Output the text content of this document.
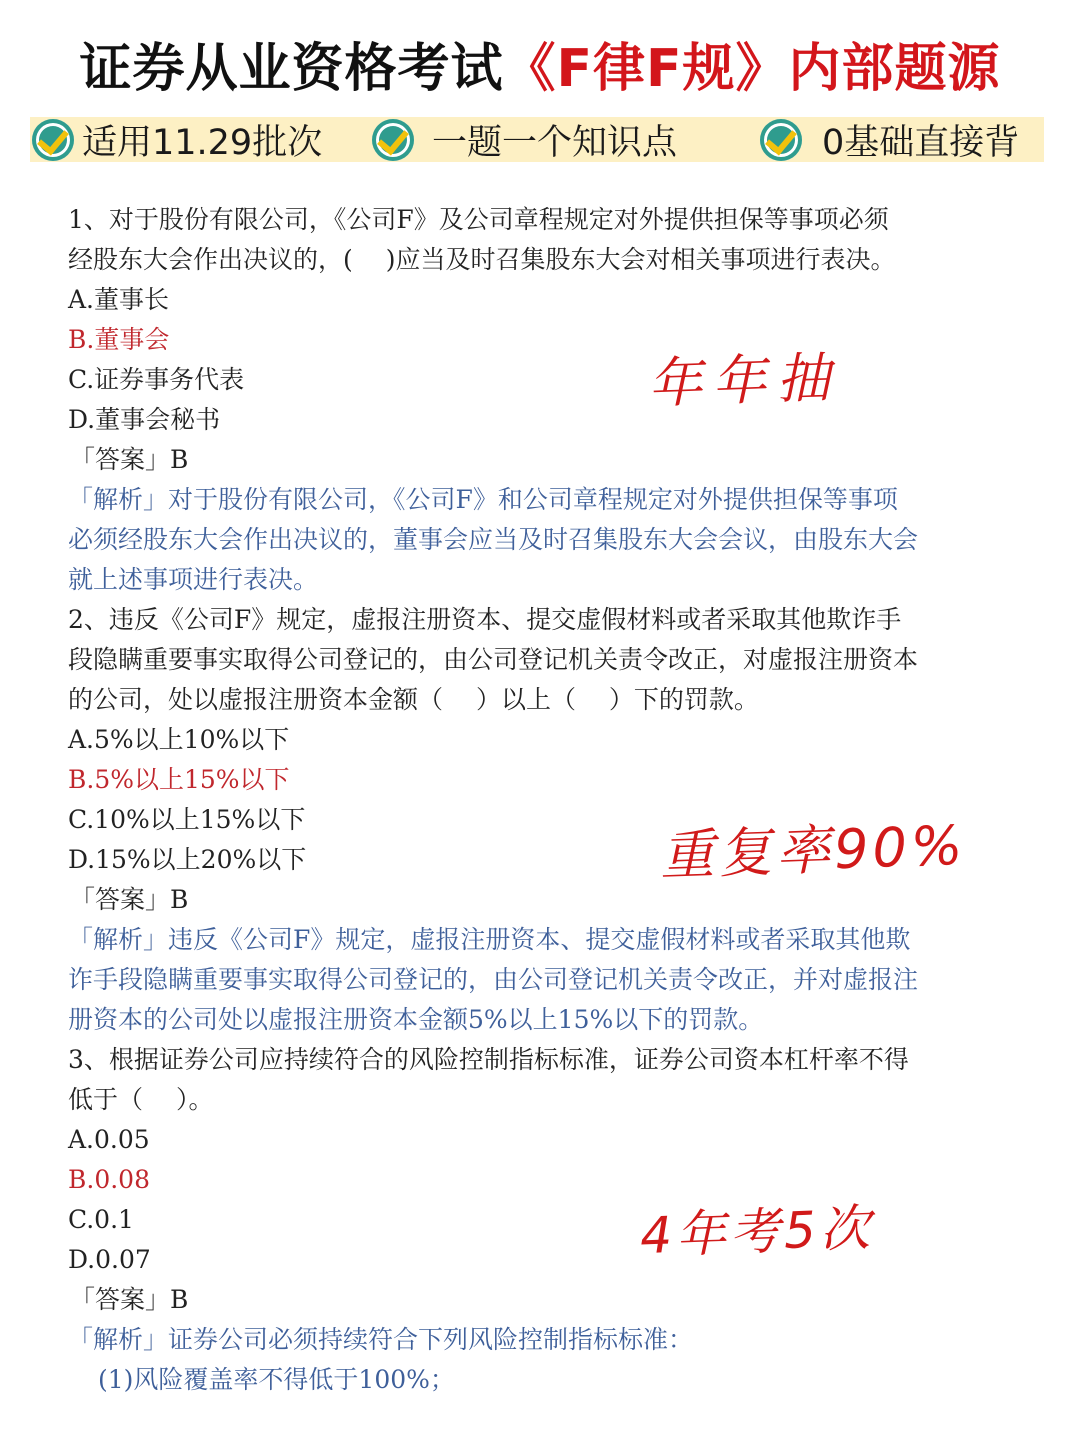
证券从业资格考试《F律F规》内部题源
适用11.29批次	一题一个知识点	0基础直接背
1、对于股份有限公司，《公司F》及公司章程规定对外提供担保等事项必须
经股东大会作出决议的，(　 )应当及时召集股东大会对相关事项进行表决。
A.董事长
B.董事会
C.证券事务代表
D.董事会秘书
「答案」B
「解析」对于股份有限公司，《公司F》和公司章程规定对外提供担保等事项
必须经股东大会作出决议的，董事会应当及时召集股东大会会议，由股东大会
就上述事项进行表决。
2、违反《公司F》规定，虚报注册资本、提交虚假材料或者采取其他欺诈手
段隐瞒重要事实取得公司登记的，由公司登记机关责令改正，对虚报注册资本
的公司，处以虚报注册资本金额（　 ）以上（　 ）下的罚款。
A.5%以上10%以下
B.5%以上15%以下
C.10%以上15%以下
D.15%以上20%以下
「答案」B
「解析」违反《公司F》规定，虚报注册资本、提交虚假材料或者采取其他欺
诈手段隐瞒重要事实取得公司登记的，由公司登记机关责令改正，并对虚报注
册资本的公司处以虚报注册资本金额5%以上15%以下的罚款。
3、根据证券公司应持续符合的风险控制指标标准，证券公司资本杠杆率不得
低于（　 ）。
A.0.05
B.0.08
C.0.1
D.0.07
「答案」B
「解析」证券公司必须持续符合下列风险控制指标标准：
(1)风险覆盖率不得低于100%；
年年抽
重复率90%
4年考5次
